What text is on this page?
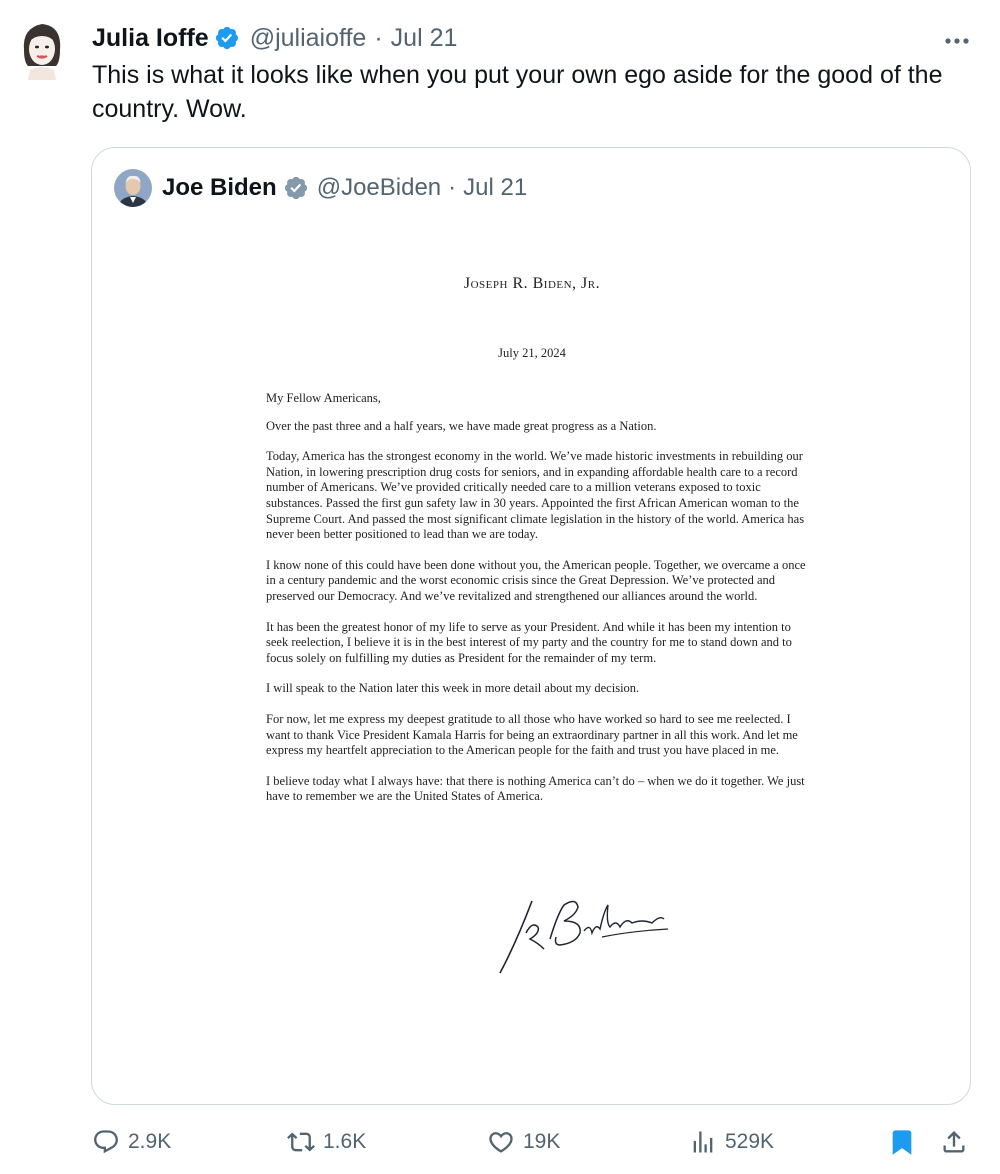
Julia Ioffe @juliaioffe · Jul 21
This is what it looks like when you put your own ego aside for the good of the country. Wow.
Joe Biden @JoeBiden · Jul 21
Joseph R. Biden, Jr.
July 21, 2024

My Fellow Americans,

Over the past three and a half years, we have made great progress as a Nation.

Today, America has the strongest economy in the world. We’ve made historic investments in rebuilding our Nation, in lowering prescription drug costs for seniors, and in expanding affordable health care to a record number of Americans. We’ve provided critically needed care to a million veterans exposed to toxic substances. Passed the first gun safety law in 30 years. Appointed the first African American woman to the Supreme Court. And passed the most significant climate legislation in the history of the world. America has never been better positioned to lead than we are today.

I know none of this could have been done without you, the American people. Together, we overcame a once in a century pandemic and the worst economic crisis since the Great Depression. We’ve protected and preserved our Democracy. And we’ve revitalized and strengthened our alliances around the world.

It has been the greatest honor of my life to serve as your President. And while it has been my intention to seek reelection, I believe it is in the best interest of my party and the country for me to stand down and to focus solely on fulfilling my duties as President for the remainder of my term.

I will speak to the Nation later this week in more detail about my decision.

For now, let me express my deepest gratitude to all those who have worked so hard to see me reelected. I want to thank Vice President Kamala Harris for being an extraordinary partner in all this work. And let me express my heartfelt appreciation to the American people for the faith and trust you have placed in me.

I believe today what I always have: that there is nothing America can’t do – when we do it together. We just have to remember we are the United States of America.

2.9K	1.6K	19K	529K
